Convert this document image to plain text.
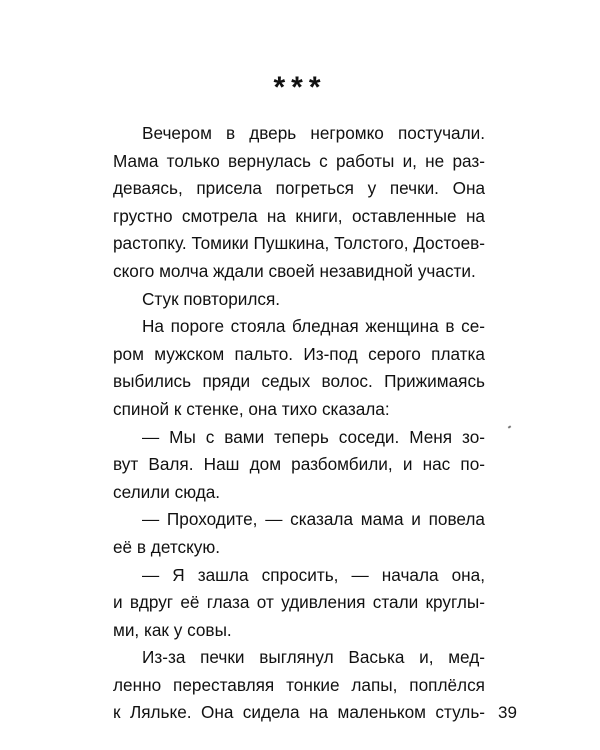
***
Вечером в дверь негромко постучали.
Мама только вернулась с работы и, не раз-
деваясь, присела погреться у печки. Она
грустно смотрела на книги, оставленные на
растопку. Томики Пушкина, Толстого, Достоев-
ского молча ждали своей незавидной участи.
Стук повторился.
На пороге стояла бледная женщина в се-
ром мужском пальто. Из-под серого платка
выбились пряди седых волос. Прижимаясь
спиной к стенке, она тихо сказала:
— Мы с вами теперь соседи. Меня зо-
вут Валя. Наш дом разбомбили, и нас по-
селили сюда.
— Проходите, — сказала мама и повела
её в детскую.
— Я зашла спросить, — начала она,
и вдруг её глаза от удивления стали круглы-
ми, как у совы.
Из-за печки выглянул Васька и, мед-
ленно переставляя тонкие лапы, поплёлся
к Ляльке. Она сидела на маленьком стуль- 39
